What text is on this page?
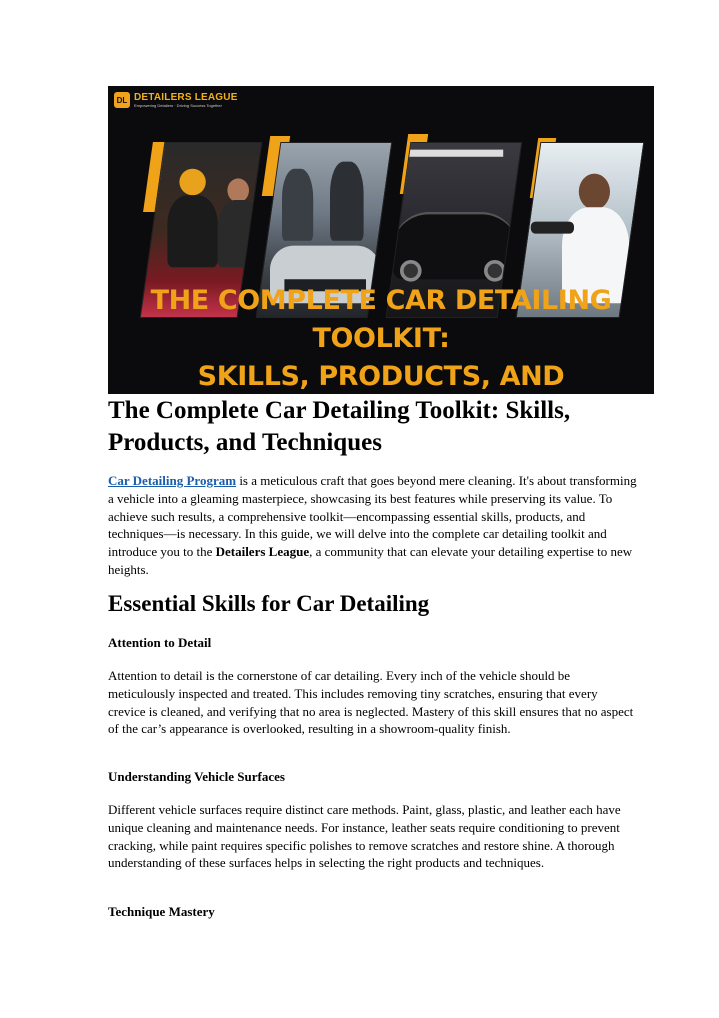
DL DETAILERS LEAGUE
Empowering Detailers · Driving Success Together
THE COMPLETE CAR DETAILING TOOLKIT:
SKILLS, PRODUCTS, AND
The Complete Car Detailing Toolkit: Skills, Products, and Techniques

Car Detailing Program is a meticulous craft that goes beyond mere cleaning. It's about transforming a vehicle into a gleaming masterpiece, showcasing its best features while preserving its value. To achieve such results, a comprehensive toolkit—encompassing essential skills, products, and techniques—is necessary. In this guide, we will delve into the complete car detailing toolkit and introduce you to the Detailers League, a community that can elevate your detailing expertise to new heights.

Essential Skills for Car Detailing
Attention to Detail

Attention to detail is the cornerstone of car detailing. Every inch of the vehicle should be meticulously inspected and treated. This includes removing tiny scratches, ensuring that every crevice is cleaned, and verifying that no area is neglected. Mastery of this skill ensures that no aspect of the car’s appearance is overlooked, resulting in a showroom-quality finish.

Understanding Vehicle Surfaces

Different vehicle surfaces require distinct care methods. Paint, glass, plastic, and leather each have unique cleaning and maintenance needs. For instance, leather seats require conditioning to prevent cracking, while paint requires specific polishes to remove scratches and restore shine. A thorough understanding of these surfaces helps in selecting the right products and techniques.

Technique Mastery
